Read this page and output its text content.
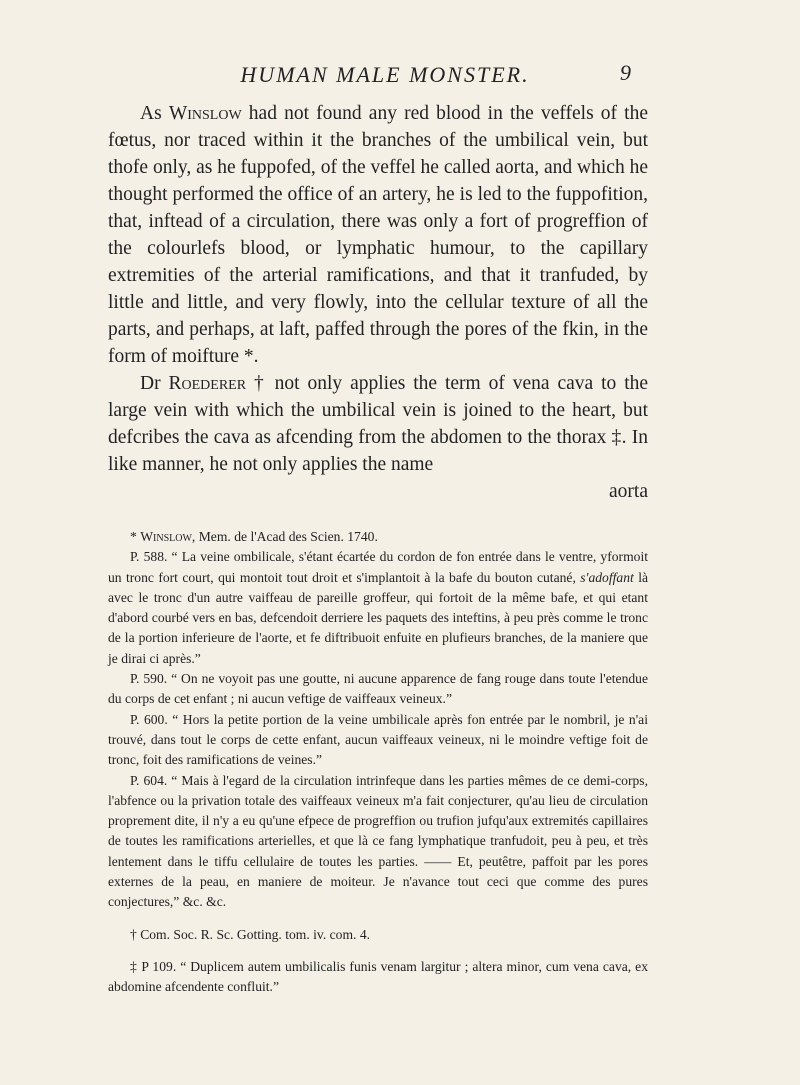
HUMAN MALE MONSTER.	9

As Winslow had not found any red blood in the veffels of the fœtus, nor traced within it the branches of the umbilical vein, but thofe only, as he fuppofed, of the veffel he called aorta, and which he thought performed the office of an artery, he is led to the fuppofition, that, inftead of a circulation, there was only a fort of progreffion of the colourlefs blood, or lymphatic humour, to the capillary extremities of the arterial ramifications, and that it tranfuded, by little and little, and very flowly, into the cellular texture of all the parts, and perhaps, at laft, paffed through the pores of the fkin, in the form of moifture *.

Dr Roederer † not only applies the term of vena cava to the large vein with which the umbilical vein is joined to the heart, but defcribes the cava as afcending from the abdomen to the thorax ‡. In like manner, he not only applies the name

aorta

* Winslow, Mem. de l'Acad des Scien. 1740.

P. 588. “ La veine ombilicale, s'étant écartée du cordon de fon entrée dans le ventre, yformoit un tronc fort court, qui montoit tout droit et s'implantoit à la bafe du bouton cutané, s'adoffant là avec le tronc d'un autre vaiffeau de pareille groffeur, qui fortoit de la même bafe, et qui etant d'abord courbé vers en bas, defcendoit derriere les paquets des inteftins, à peu près comme le tronc de la portion inferieure de l'aorte, et fe diftribuoit enfuite en plufieurs branches, de la maniere que je dirai ci après.”

P. 590. “ On ne voyoit pas une goutte, ni aucune apparence de fang rouge dans toute l'etendue du corps de cet enfant ; ni aucun veftige de vaiffeaux veineux.”

P. 600. “ Hors la petite portion de la veine umbilicale après fon entrée par le nombril, je n'ai trouvé, dans tout le corps de cette enfant, aucun vaiffeaux veineux, ni le moindre veftige foit de tronc, foit des ramifications de veines.”

P. 604. “ Mais à l'egard de la circulation intrinfeque dans les parties mêmes de ce demi-corps, l'abfence ou la privation totale des vaiffeaux veineux m'a fait conjecturer, qu'au lieu de circulation proprement dite, il n'y a eu qu'une efpece de progreffion ou trufion jufqu'aux extremités capillaires de toutes les ramifications arterielles, et que là ce fang lymphatique tranfudoit, peu à peu, et très lentement dans le tiffu cellulaire de toutes les parties. —— Et, peutêtre, paffoit par les pores externes de la peau, en maniere de moiteur. Je n'avance tout ceci que comme des pures conjectures,” &c. &c.

† Com. Soc. R. Sc. Gotting. tom. iv. com. 4.

‡ P 109. “ Duplicem autem umbilicalis funis venam largitur ; altera minor, cum vena cava, ex abdomine afcendente confluit.”
